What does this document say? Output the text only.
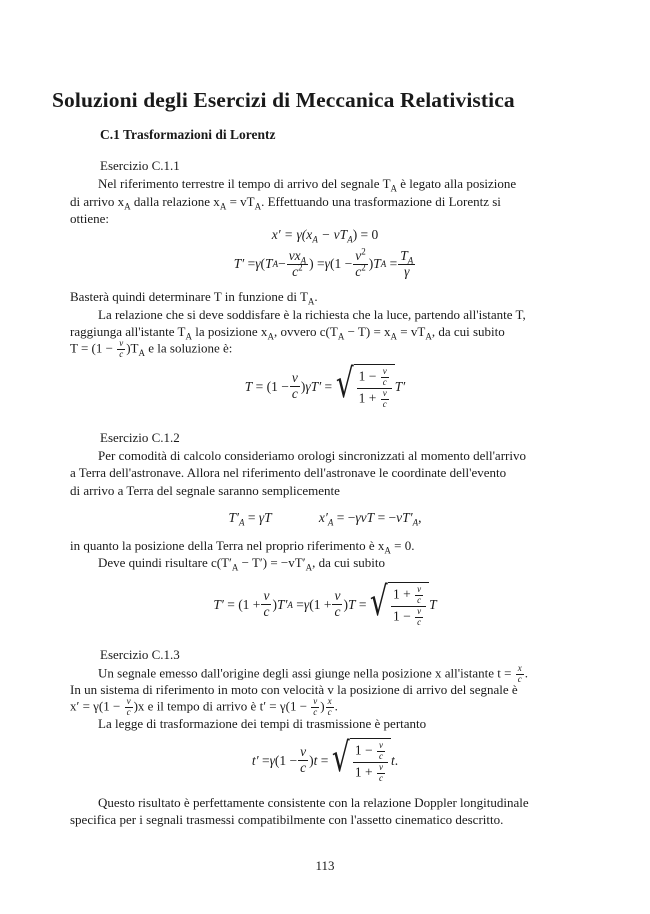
Soluzioni degli Esercizi di Meccanica Relativistica
C.1 Trasformazioni di Lorentz
Esercizio C.1.1
Nel riferimento terrestre il tempo di arrivo del segnale $T_A$ è legato alla posizione
di arrivo $x_A$ dalla relazione $x_A = vT_A$. Effettuando una trasformazione di Lorentz si
ottiene:
$x' = \gamma(x_A - vT_A) = 0$
T′ = γ ( T $A - \frac{vx_A}{c^2}$ ) = γ ($1 - \frac{v^2}{c^2}$ ) T $A = \frac{T_A}{\gamma}$
Basterà quindi determinare T in funzione di $T_A$.
La relazione che si deve soddisfare è la richiesta che la luce, partendo all'istante T,
raggiunga all'istante $T_A$ la posizione $x_A$, ovvero $c(T_A - T) = x_A = vT_A$, da cui subito
$T = (1 - \frac{v}{c} )T_A$ e la soluzione è:
$T = (1 - \frac{v}{c}$ ) γT′ = √ $\frac{1 - \frac{v}{c}}{1 + \frac{v}{c}} T'$
Esercizio C.1.2
Per comodità di calcolo consideriamo orologi sincronizzati al momento dell'arrivo
a Terra dell'astronave. Allora nel riferimento dell'astronave le coordinate dell'evento
di arrivo a Terra del segnale saranno semplicemente
$T'_A = \gamma T$	$x'_A = -\gamma vT = -vT'_A$,
in quanto la posizione della Terra nel proprio riferimento è $x_A = 0$.
Deve quindi risultare $c(T'_A - T') = -vT'_A$, da cui subito
$T' = (1 + \frac{v}{c}$ ) T′ A = γ ($1 + \frac{v}{c}$ ) T = √ $\frac{1 + \frac{v}{c}}{1 - \frac{v}{c}}$ T
Esercizio C.1.3
Un segnale emesso dall'origine degli assi giunge nella posizione x all'istante $t = \frac{x}{c}$ .
In un sistema di riferimento in moto con velocità v la posizione di arrivo del segnale è
$x' = \gamma(1 - \frac{v}{c} )x$ e il tempo di arrivo è $t' = \gamma(1 - \frac{v}{c}$ ) $\frac{x}{c}$ .
La legge di trasformazione dei tempi di trasmissione è pertanto
t′ = γ ($1 - \frac{v}{c}$ ) t = √ $\frac{1 - \frac{v}{c}}{1 + \frac{v}{c}}$ t .
Questo risultato è perfettamente consistente con la relazione Doppler longitudinale
specifica per i segnali trasmessi compatibilmente con l'assetto cinematico descritto.
113
